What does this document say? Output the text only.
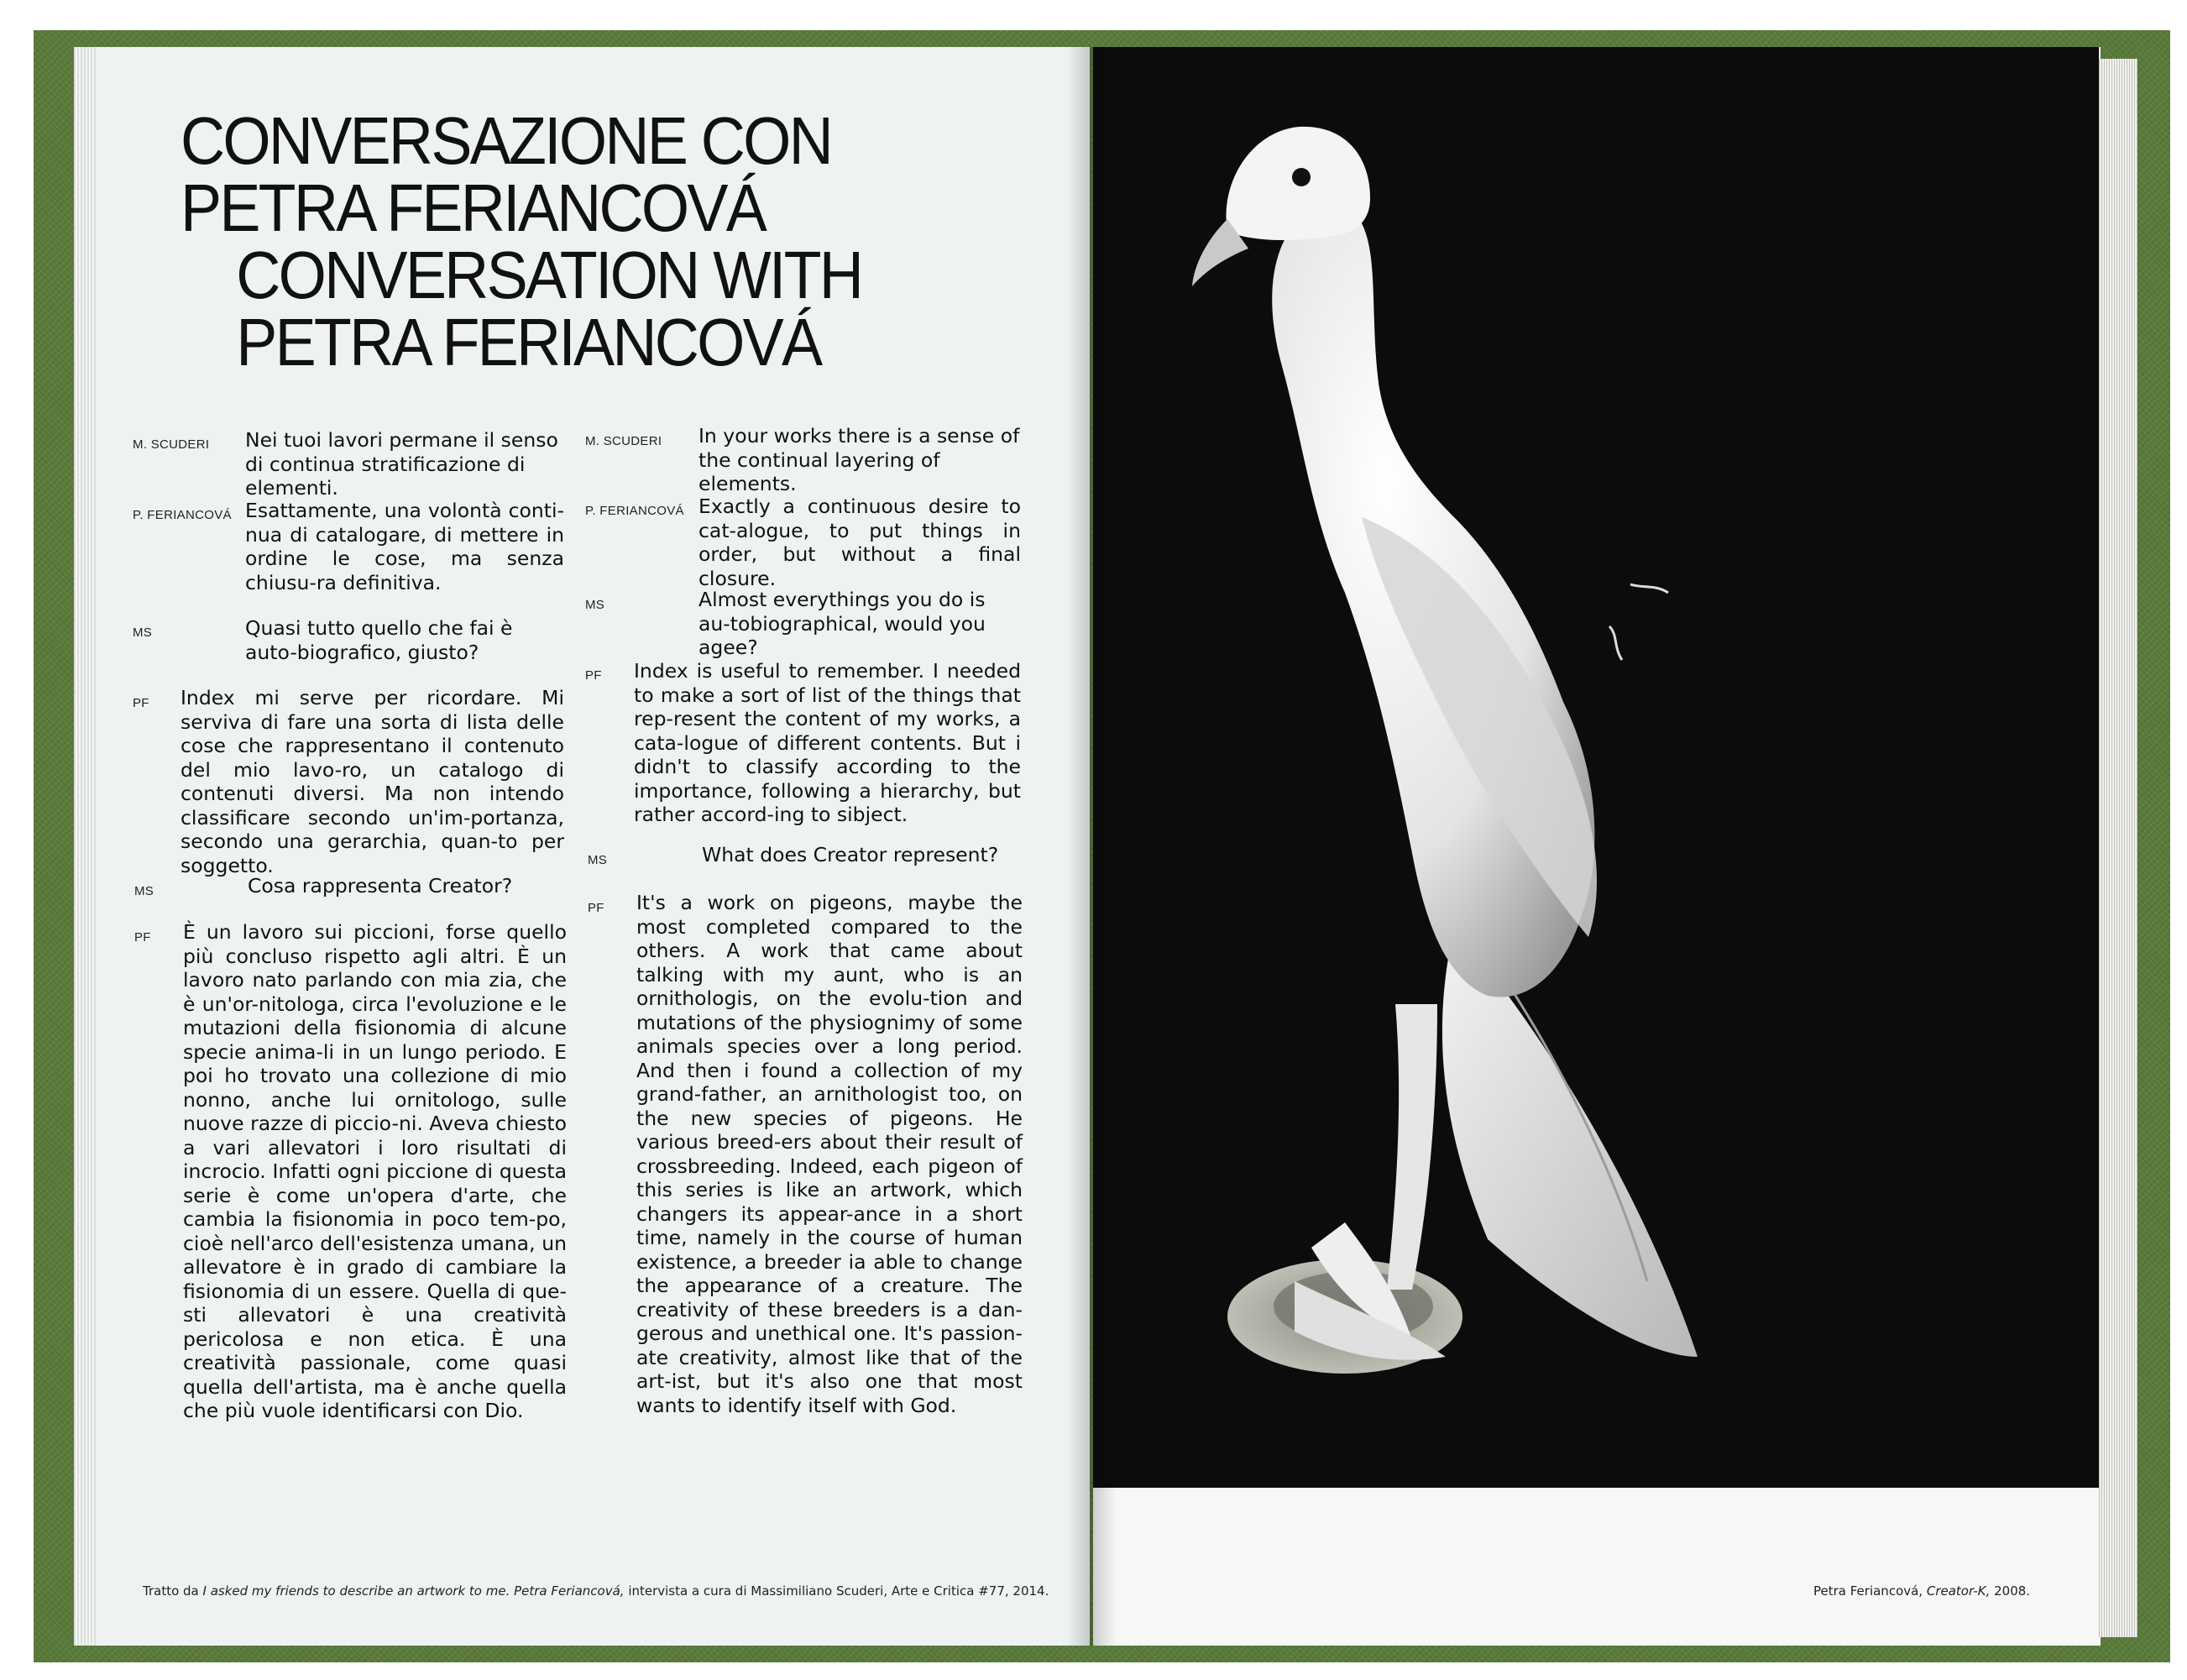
CONVERSAZIONE CON
PETRA FERIANCOVÁ
CONVERSATION WITH
PETRA FERIANCOVÁ
M. SCUDERI Nei tuoi lavori permane il senso di continua stratificazione di elementi.
P. FERIANCOVÁ Esattamente, una volontà conti-nua di catalogare, di mettere in ordine le cose, ma senza chiusu-ra definitiva.
MS	Quasi tutto quello che fai è auto-biografico, giusto?
PF Index mi serve per ricordare. Mi serviva di fare una sorta di lista delle cose che rappresentano il contenuto del mio lavo-ro, un catalogo di contenuti diversi. Ma non intendo classificare secondo un'im-portanza, secondo una gerarchia, quan-to per soggetto.
MS	Cosa rappresenta Creator?
PF È un lavoro sui piccioni, forse quello più concluso rispetto agli altri. È un lavoro nato parlando con mia zia, che è un'or-nitologa, circa l'evoluzione e le mutazioni della fisionomia di alcune specie anima-li in un lungo periodo. E poi ho trovato una collezione di mio nonno, anche lui ornitologo, sulle nuove razze di piccio-ni. Aveva chiesto a vari allevatori i loro risultati di incrocio. Infatti ogni piccione di questa serie è come un'opera d'arte, che cambia la fisionomia in poco tem-po, cioè nell'arco dell'esistenza umana, un allevatore è in grado di cambiare la fisionomia di un essere. Quella di que-sti allevatori è una creatività pericolosa e non etica. È una creatività passionale, come quasi quella dell'artista, ma è anche quella che più vuole identificarsi con Dio.
M. SCUDERI In your works there is a sense of the continual layering of elements.
P. FERIANCOVÁ Exactly a continuous desire to cat-alogue, to put things in order, but without a final closure.
MS	Almost everythings you do is au-tobiographical, would you agee?
PF Index is useful to remember. I needed to make a sort of list of the things that rep-resent the content of my works, a cata-logue of different contents. But i didn't to classify according to the importance, following a hierarchy, but rather accord-ing to sibject.
MS	What does Creator represent?
PF It's a work on pigeons, maybe the most completed compared to the others. A work that came about talking with my aunt, who is an ornithologis, on the evolu-tion and mutations of the physiognimy of some animals species over a long period. And then i found a collection of my grand-father, an arnithologist too, on the new species of pigeons. He various breed-ers about their result of crossbreeding. Indeed, each pigeon of this series is like an artwork, which changers its appear-ance in a short time, namely in the course of human existence, a breeder ia able to change the appearance of a creature. The creativity of these breeders is a dan-gerous and unethical one. It's passion-ate creativity, almost like that of the art-ist, but it's also one that most wants to identify itself with God.
Tratto da I asked my friends to describe an artwork to me. Petra Feriancová, intervista a cura di Massimiliano Scuderi, Arte e Critica #77, 2014.	Petra Feriancová, Creator-K, 2008.
